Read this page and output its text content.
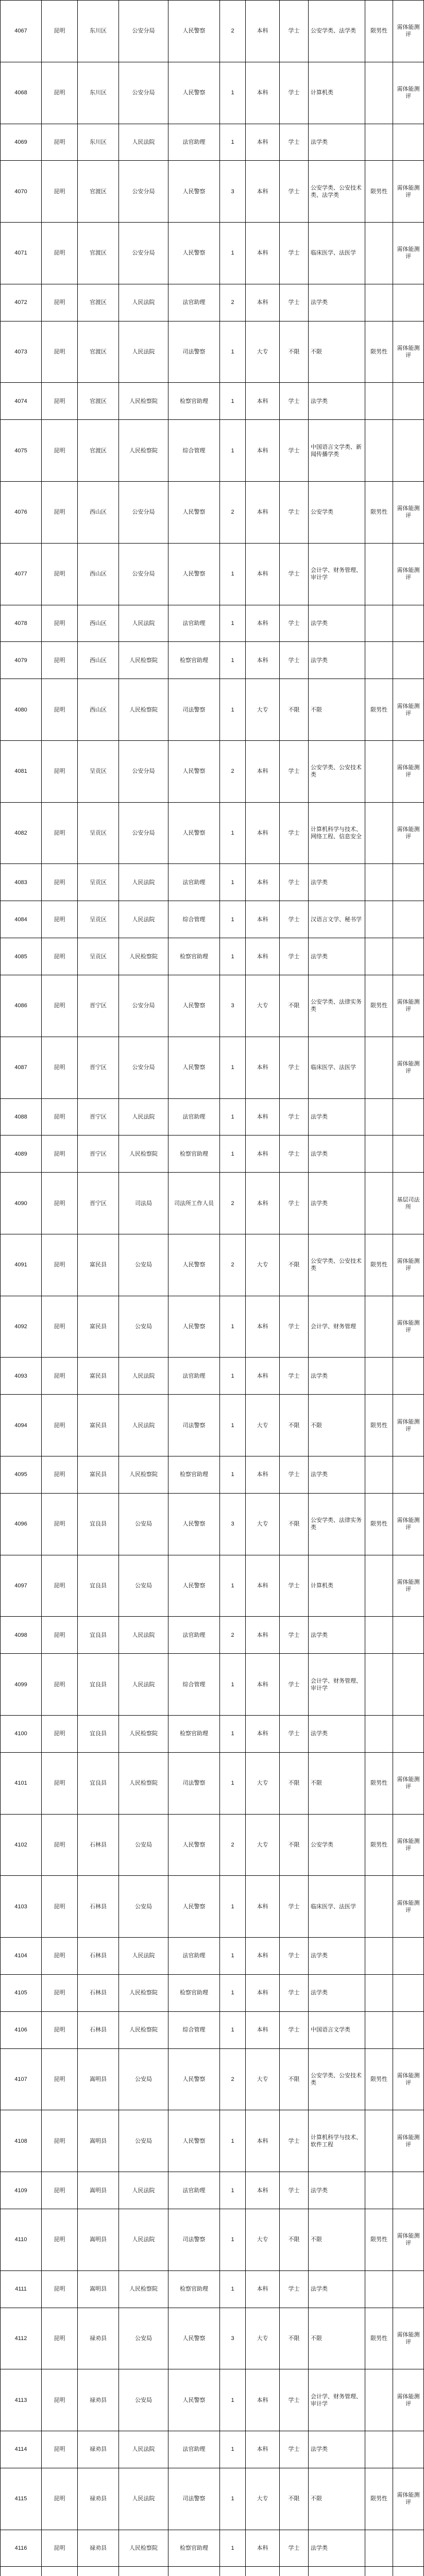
4067	昆明	东川区	公安分局	人民警察	2	本科	学士	公安学类、法学类	限男性	需体能测评
4068	昆明	东川区	公安分局	人民警察	1	本科	学士	计算机类		需体能测评
4069	昆明	东川区	人民法院	法官助理	1	本科	学士	法学类		
4070	昆明	官渡区	公安分局	人民警察	3	本科	学士	公安学类、公安技术类、法学类	限男性	需体能测评
4071	昆明	官渡区	公安分局	人民警察	1	本科	学士	临床医学、法医学		需体能测评
4072	昆明	官渡区	人民法院	法官助理	2	本科	学士	法学类		
4073	昆明	官渡区	人民法院	司法警察	1	大专	不限	不限	限男性	需体能测评
4074	昆明	官渡区	人民检察院	检察官助理	1	本科	学士	法学类		
4075	昆明	官渡区	人民检察院	综合管理	1	本科	学士	中国语言文学类、新闻传播学类		
4076	昆明	西山区	公安分局	人民警察	2	本科	学士	公安学类	限男性	需体能测评
4077	昆明	西山区	公安分局	人民警察	1	本科	学士	会计学、财务管理、审计学		需体能测评
4078	昆明	西山区	人民法院	法官助理	1	本科	学士	法学类		
4079	昆明	西山区	人民检察院	检察官助理	1	本科	学士	法学类		
4080	昆明	西山区	人民检察院	司法警察	1	大专	不限	不限	限男性	需体能测评
4081	昆明	呈贡区	公安分局	人民警察	2	本科	学士	公安学类、公安技术类		需体能测评
4082	昆明	呈贡区	公安分局	人民警察	1	本科	学士	计算机科学与技术、网络工程、信息安全		需体能测评
4083	昆明	呈贡区	人民法院	法官助理	1	本科	学士	法学类		
4084	昆明	呈贡区	人民法院	综合管理	1	本科	学士	汉语言文学、秘书学		
4085	昆明	呈贡区	人民检察院	检察官助理	1	本科	学士	法学类		
4086	昆明	晋宁区	公安分局	人民警察	3	大专	不限	公安学类、法律实务类	限男性	需体能测评
4087	昆明	晋宁区	公安分局	人民警察	1	本科	学士	临床医学、法医学		需体能测评
4088	昆明	晋宁区	人民法院	法官助理	1	本科	学士	法学类		
4089	昆明	晋宁区	人民检察院	检察官助理	1	本科	学士	法学类		
4090	昆明	晋宁区	司法局	司法所工作人员	2	本科	学士	法学类		基层司法所
4091	昆明	富民县	公安局	人民警察	2	大专	不限	公安学类、公安技术类	限男性	需体能测评
4092	昆明	富民县	公安局	人民警察	1	本科	学士	会计学、财务管理		需体能测评
4093	昆明	富民县	人民法院	法官助理	1	本科	学士	法学类		
4094	昆明	富民县	人民法院	司法警察	1	大专	不限	不限	限男性	需体能测评
4095	昆明	富民县	人民检察院	检察官助理	1	本科	学士	法学类		
4096	昆明	宜良县	公安局	人民警察	3	大专	不限	公安学类、法律实务类	限男性	需体能测评
4097	昆明	宜良县	公安局	人民警察	1	本科	学士	计算机类		需体能测评
4098	昆明	宜良县	人民法院	法官助理	2	本科	学士	法学类		
4099	昆明	宜良县	人民法院	综合管理	1	本科	学士	会计学、财务管理、审计学		
4100	昆明	宜良县	人民检察院	检察官助理	1	本科	学士	法学类		
4101	昆明	宜良县	人民检察院	司法警察	1	大专	不限	不限	限男性	需体能测评
4102	昆明	石林县	公安局	人民警察	2	大专	不限	公安学类	限男性	需体能测评
4103	昆明	石林县	公安局	人民警察	1	本科	学士	临床医学、法医学		需体能测评
4104	昆明	石林县	人民法院	法官助理	1	本科	学士	法学类		
4105	昆明	石林县	人民检察院	检察官助理	1	本科	学士	法学类		
4106	昆明	石林县	人民检察院	综合管理	1	本科	学士	中国语言文学类		
4107	昆明	嵩明县	公安局	人民警察	2	大专	不限	公安学类、公安技术类	限男性	需体能测评
4108	昆明	嵩明县	公安局	人民警察	1	本科	学士	计算机科学与技术、软件工程		需体能测评
4109	昆明	嵩明县	人民法院	法官助理	1	本科	学士	法学类		
4110	昆明	嵩明县	人民法院	司法警察	1	大专	不限	不限	限男性	需体能测评
4111	昆明	嵩明县	人民检察院	检察官助理	1	本科	学士	法学类		
4112	昆明	禄劝县	公安局	人民警察	3	大专	不限	不限	限男性	需体能测评
4113	昆明	禄劝县	公安局	人民警察	1	本科	学士	会计学、财务管理、审计学		需体能测评
4114	昆明	禄劝县	人民法院	法官助理	1	本科	学士	法学类		
4115	昆明	禄劝县	人民法院	司法警察	1	大专	不限	不限	限男性	需体能测评
4116	昆明	禄劝县	人民检察院	检察官助理	1	本科	学士	法学类		
